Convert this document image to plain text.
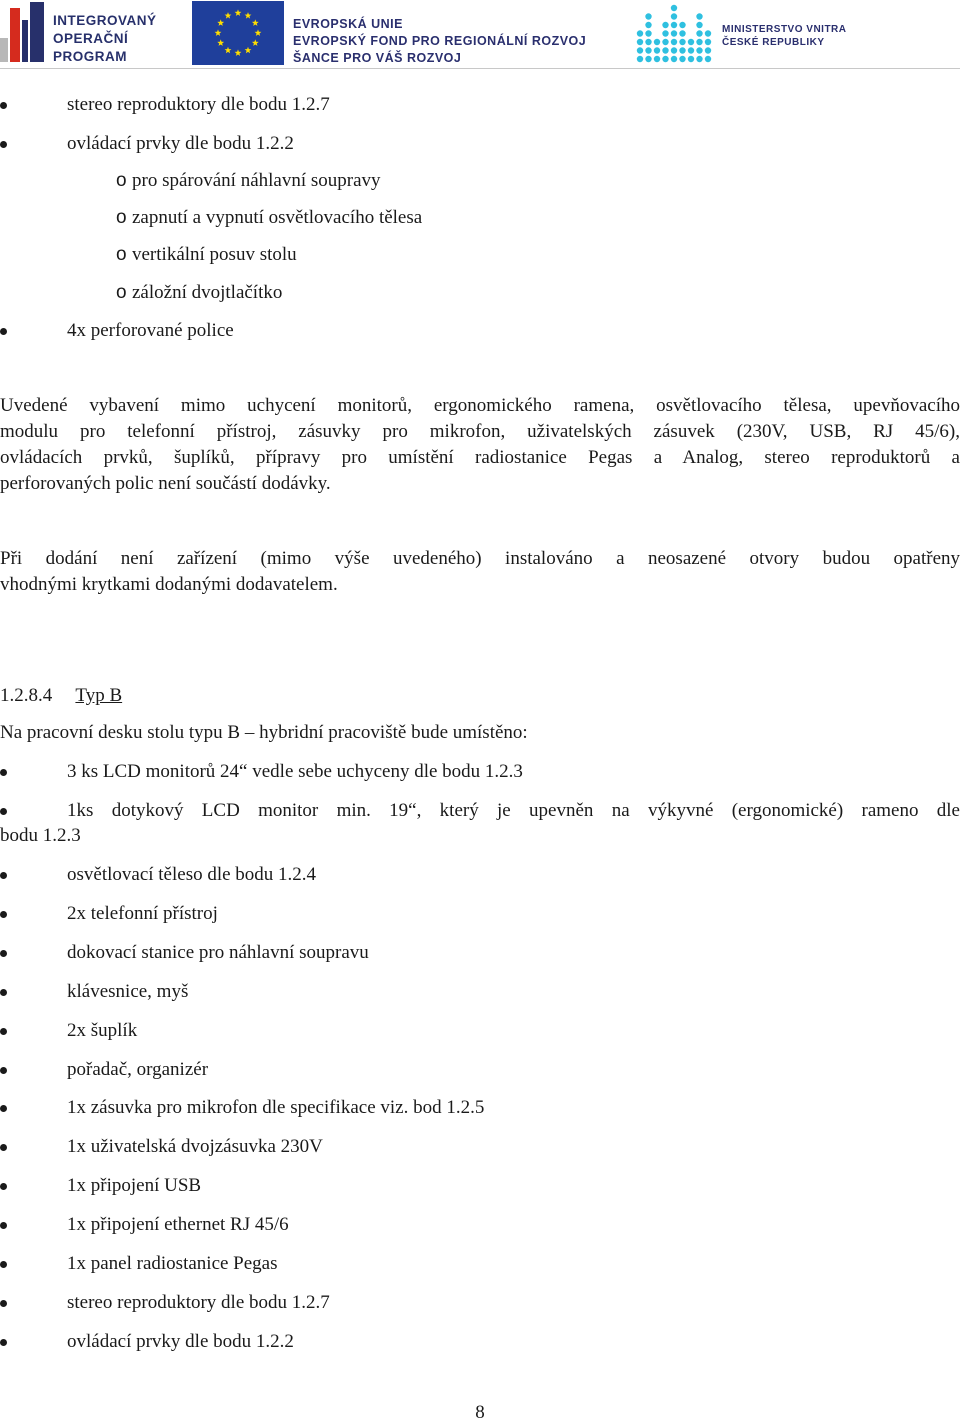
INTEGROVANÝ
OPERAČNÍ
PROGRAM
EVROPSKÁ UNIE
EVROPSKÝ FOND PRO REGIONÁLNÍ ROZVOJ
ŠANCE PRO VÁŠ ROZVOJ
MINISTERSTVO VNITRA
ČESKÉ REPUBLIKY
stereo reproduktory dle bodu 1.2.7
ovládací prvky dle bodu 1.2.2
o pro spárování náhlavní soupravy
o zapnutí a vypnutí osvětlovacího tělesa
o vertikální posuv stolu
o záložní dvojtlačítko
4x perforované police
Uvedené vybavení mimo uchycení monitorů, ergonomického ramena, osvětlovacího tělesa, upevňovacího
modulu pro telefonní přístroj, zásuvky pro mikrofon, uživatelských zásuvek (230V, USB, RJ 45/6),
ovládacích prvků, šuplíků, přípravy pro umístění radiostanice Pegas a Analog, stereo reproduktorů a
perforovaných polic není součástí dodávky.
Při dodání není zařízení (mimo výše uvedeného) instalováno a neosazené otvory budou opatřeny
vhodnými krytkami dodanými dodavatelem.
1.2.8.4 Typ B
Na pracovní desku stolu typu B – hybridní pracoviště bude umístěno:
3 ks LCD monitorů 24“ vedle sebe uchyceny dle bodu 1.2.3
1ks dotykový LCD monitor min. 19“, který je upevněn na výkyvné (ergonomické) rameno dle
bodu 1.2.3
osvětlovací těleso dle bodu 1.2.4
2x telefonní přístroj
dokovací stanice pro náhlavní soupravu
klávesnice, myš
2x šuplík
pořadač, organizér
1x zásuvka pro mikrofon dle specifikace viz. bod 1.2.5
1x uživatelská dvojzásuvka 230V
1x připojení USB
1x připojení ethernet RJ 45/6
1x panel radiostanice Pegas
stereo reproduktory dle bodu 1.2.7
ovládací prvky dle bodu 1.2.2
8
